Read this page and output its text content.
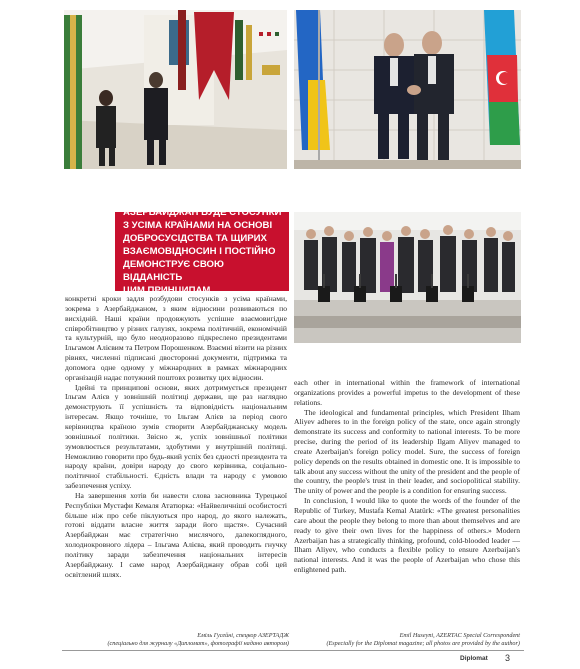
АЗЕРБАЙДЖАН БУДЕ СТОСУНКИ
З УСІМА КРАЇНАМИ НА ОСНОВІ
ДОБРОСУСІДСТВА ТА ЩИРИХ
ВЗАЄМОВІДНОСИН І ПОСТІЙНО
ДЕМОНСТРУЄ СВОЮ ВІДДАНІСТЬ
ЦИМ ПРИНЦИПАМ

конкретні кроки задля розбудови стосунків з усіма країнами, зокрема з Азербайджаном, з яким відносини розвиваються по висхідній. Наші країни продовжують успішне взаємовигідне співробітництво у різних галузях, зокрема політичній, економічній та культурній, що було неодноразово підкреслено президентами Ільгамом Алієвим та Петром Порошенком. Взаємні візити на різних рівнях, численні підписані двосторонні документи, підтримка та допомога одне одному у міжнародних в рамках міжнародних організацій надає потужний поштовх розвитку цих відносин.

Ідейні та принципові основи, яких дотримується президент Ільгам Алієв у зовнішній політиці держави, ще раз наглядно демонструють її успішність та відповідність національним інтересам. Якщо точніше, то Ільгам Алієв за період свого керівництва країною зумів створити Азербайджанську модель зовнішньої політики. Звісно ж, успіх зовнішньої політики зумовлюється результатами, здобутими у внутрішній політиці. Неможливо говорити про будь-який успіх без єдності президента та народу країни, довіри народу до свого керівника, соціально-політичної стабільності. Єдність влади та народу є умовою забезпечення успіху.

На завершення хотів би навести слова засновника Турецької Республіки Мустафи Кемаля Ататюрка: «Найвеличніші особистості більше ніж про себе піклуються про народ, до якого належать, готові віддати власне життя заради його щастя». Сучасний Азербайджан має стратегічно мислячого, далекоглядного, холоднокровного лідера – Ільгама Алієва, який проводить гнучку політику заради забезпечення національних інтересів Азербайджану. І саме народ Азербайджану обрав собі цей освітлений шлях.

each other in international within the framework of international organizations provides a powerful impetus to the development of these relations.

The ideological and fundamental principles, which President Ilham Aliyev adheres to in the foreign policy of the state, once again strongly demonstrate its success and conformity to national interests. To be more precise, during the period of its leadership Ilgam Aliyev managed to create Azerbaijan's foreign policy model. Sure, the success of foreign policy depends on the results obtained in domestic one. It is impossible to talk about any success without the unity of the president and the people of the country, the people's trust in their leader, and sociopolitical stability. The unity of power and the people is a condition for ensuring success.

In conclusion, I would like to quote the words of the founder of the Republic of Turkey, Mustafa Kemal Atatürk: «The greatest personalities care about the people they belong to more than about themselves and are ready to give their own lives for the happiness of others.» Modern Azerbaijan has a strategically thinking, profound, cold-blooded leader — Ilham Aliyev, who conducts a flexible policy to ensure Azerbaijan's national interests. And it was the people of Azerbaijan who chose this enlightened path.

Еміль Гусейні, спецкор АЗЕРТАДЖ
(спеціально для журналу «Дипломат», фотографії надано автором)
Emil Huseyni, AZERTAC Special Correspondent
(Especially for the Diplomat magazine; all photos are provided by the author)
Diplomat 3
